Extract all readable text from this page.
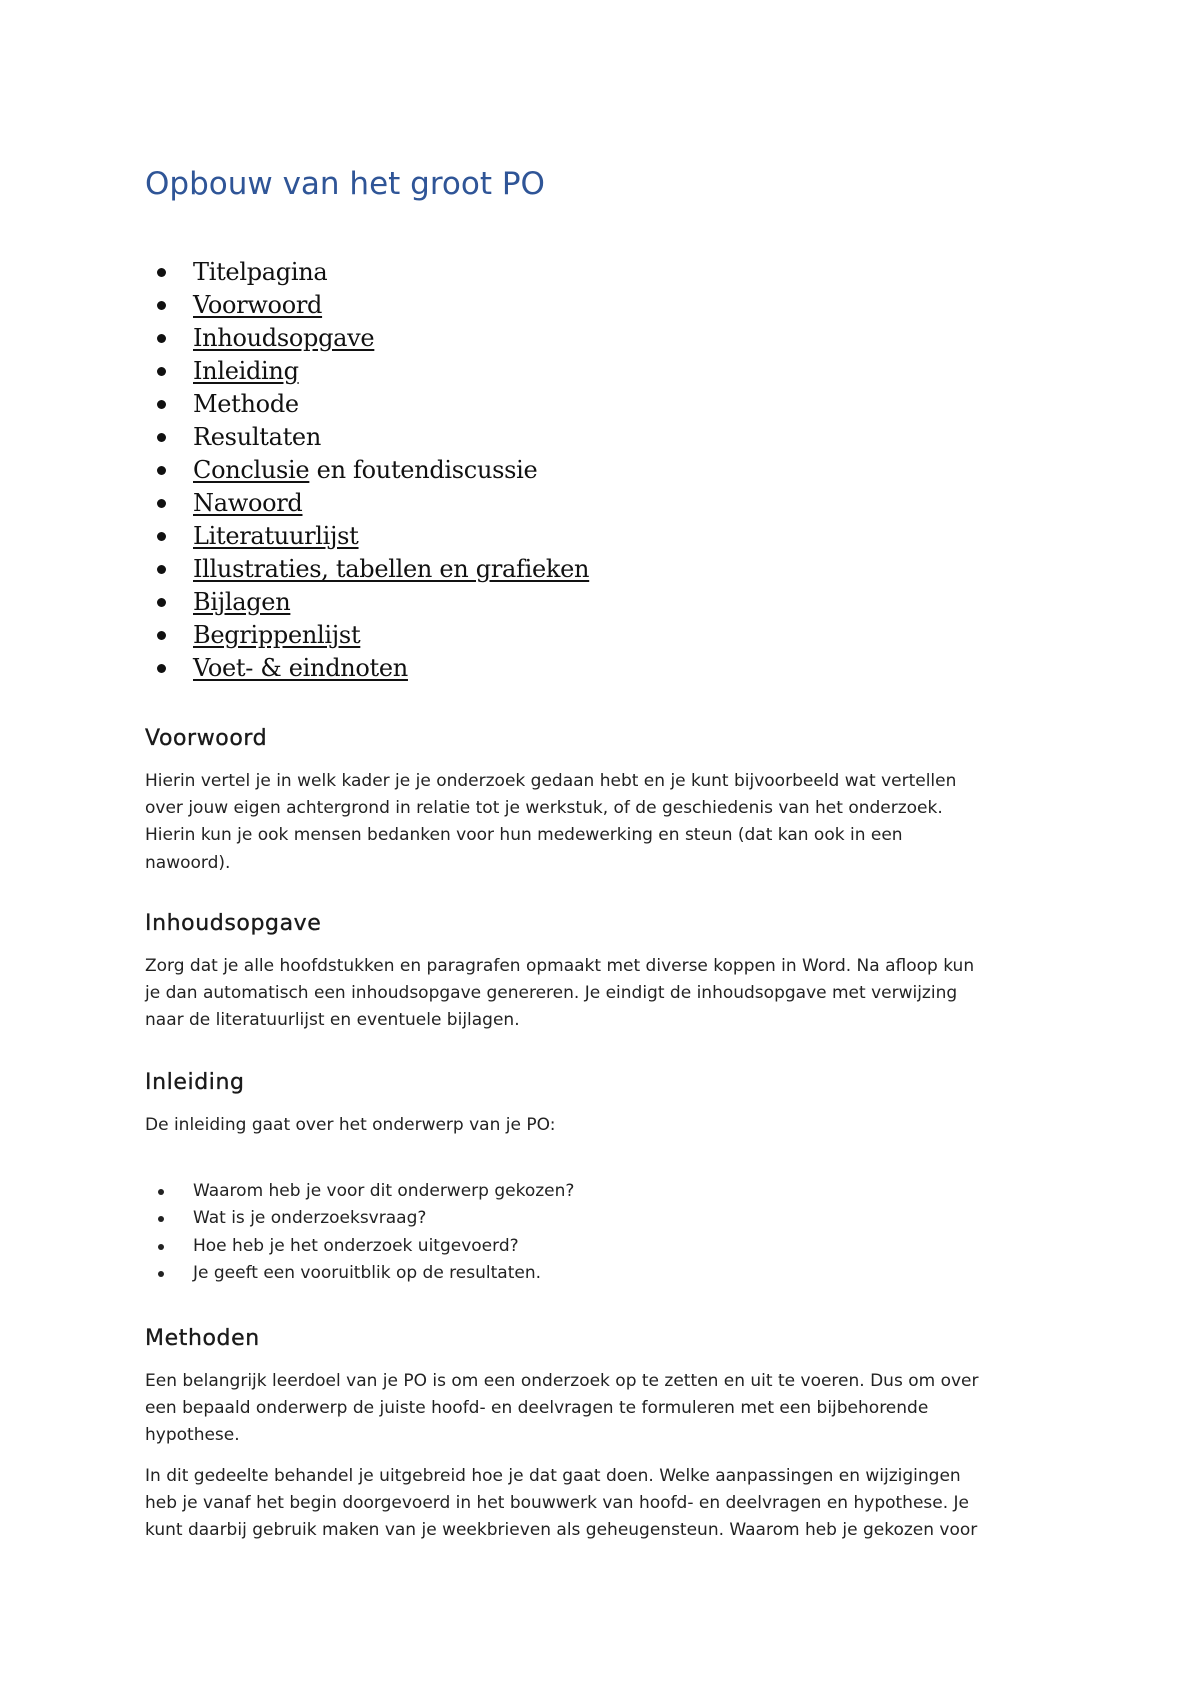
Opbouw van het groot PO
Titelpagina
Voorwoord
Inhoudsopgave
Inleiding
Methode
Resultaten
Conclusie en foutendiscussie
Nawoord
Literatuurlijst
Illustraties, tabellen en grafieken
Bijlagen
Begrippenlijst
Voet- & eindnoten
Voorwoord

Hierin vertel je in welk kader je je onderzoek gedaan hebt en je kunt bijvoorbeeld wat vertellen
over jouw eigen achtergrond in relatie tot je werkstuk, of de geschiedenis van het onderzoek.
Hierin kun je ook mensen bedanken voor hun medewerking en steun (dat kan ook in een
nawoord).

Inhoudsopgave

Zorg dat je alle hoofdstukken en paragrafen opmaakt met diverse koppen in Word. Na afloop kun
je dan automatisch een inhoudsopgave genereren. Je eindigt de inhoudsopgave met verwijzing
naar de literatuurlijst en eventuele bijlagen.

Inleiding

De inleiding gaat over het onderwerp van je PO:

Waarom heb je voor dit onderwerp gekozen?
Wat is je onderzoeksvraag?
Hoe heb je het onderzoek uitgevoerd?
Je geeft een vooruitblik op de resultaten.
Methoden

Een belangrijk leerdoel van je PO is om een onderzoek op te zetten en uit te voeren. Dus om over
een bepaald onderwerp de juiste hoofd- en deelvragen te formuleren met een bijbehorende
hypothese.

In dit gedeelte behandel je uitgebreid hoe je dat gaat doen. Welke aanpassingen en wijzigingen
heb je vanaf het begin doorgevoerd in het bouwwerk van hoofd- en deelvragen en hypothese. Je
kunt daarbij gebruik maken van je weekbrieven als geheugensteun. Waarom heb je gekozen voor
